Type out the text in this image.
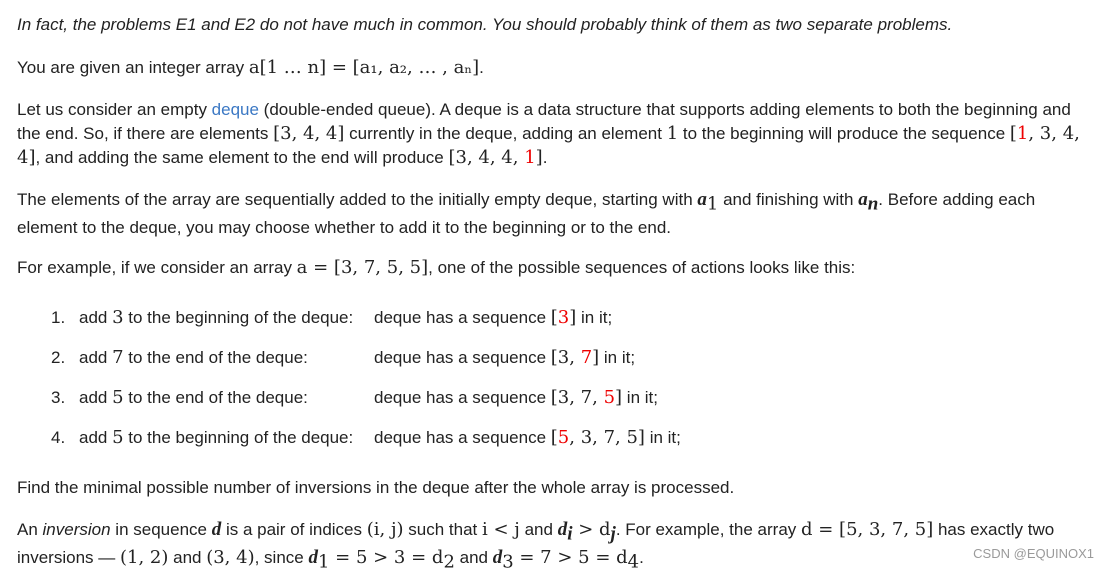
In fact, the problems E1 and E2 do not have much in common. You should probably think of them as two separate problems.

You are given an integer array a[1 … n] = [a₁, a₂, … , aₙ].

Let us consider an empty deque (double-ended queue). A deque is a data structure that supports adding elements to both the beginning and the end. So, if there are elements [3, 4, 4] currently in the deque, adding an element 1 to the beginning will produce the sequence [1, 3, 4, 4], and adding the same element to the end will produce [3, 4, 4, 1].

The elements of the array are sequentially added to the initially empty deque, starting with $a_1$ and finishing with $a_n$. Before adding each element to the deque, you may choose whether to add it to the beginning or to the end.

For example, if we consider an array a = [3, 7, 5, 5], one of the possible sequences of actions looks like this:

1. add 3 to the beginning of the deque: deque has a sequence [3] in it;
2. add 7 to the end of the deque:	deque has a sequence [3, 7] in it;
3. add 5 to the end of the deque:	deque has a sequence [3, 7, 5] in it;
4. add 5 to the beginning of the deque: deque has a sequence [5, 3, 7, 5] in it;

Find the minimal possible number of inversions in the deque after the whole array is processed.

An inversion in sequence d is a pair of indices (i, j) such that i < j and $d_i > d_j$. For example, the array d = [5, 3, 7, 5] has exactly two inversions — (1, 2) and (3, 4), since $d_1 = 5 > 3 = d_2$ and $d_3 = 7 > 5 = d_4$.	CSDN @EQUINOX1
